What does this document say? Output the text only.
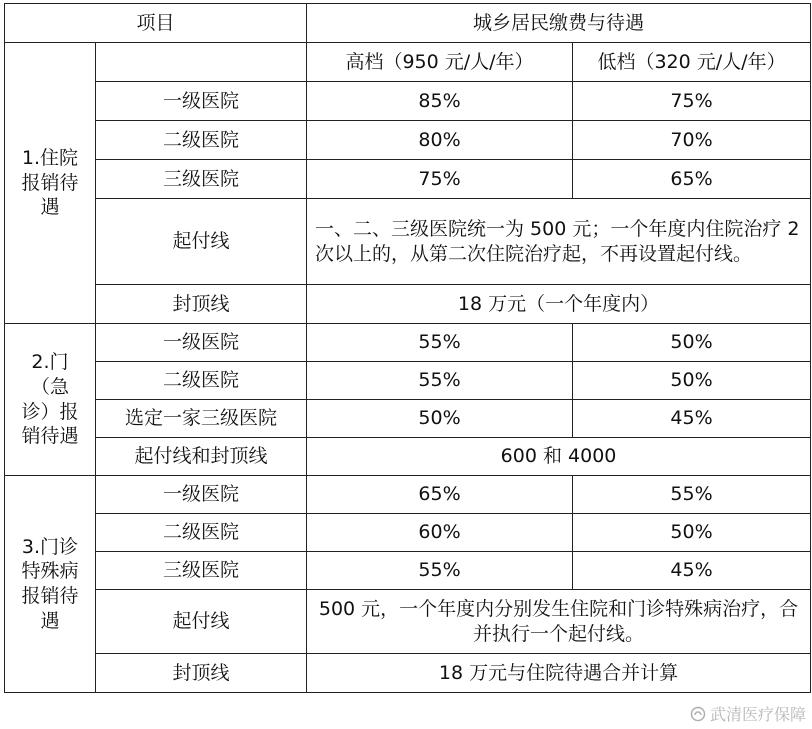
项目		城乡居民缴费与待遇	
1.住院报销待遇		高档（950 元/人/年）	低档（320 元/人/年）
	一级医院	85%	75%
	二级医院	80%	70%
	三级医院	75%	65%
	起付线	一、二、三级医院统一为 500 元；一个年度内住院治疗 2 次以上的，从第二次住院治疗起，不再设置起付线。	
	封顶线	18 万元（一个年度内）	
2.门（急诊）报销待遇	一级医院	55%	50%
	二级医院	55%	50%
	选定一家三级医院	50%	45%
	起付线和封顶线	600 和 4000	
3.门诊特殊病报销待遇	一级医院	65%	55%
	二级医院	60%	50%
	三级医院	55%	45%
	起付线	500 元，一个年度内分别发生住院和门诊特殊病治疗，合并执行一个起付线。	
	封顶线	18 万元与住院待遇合并计算	
武清医疗保障
